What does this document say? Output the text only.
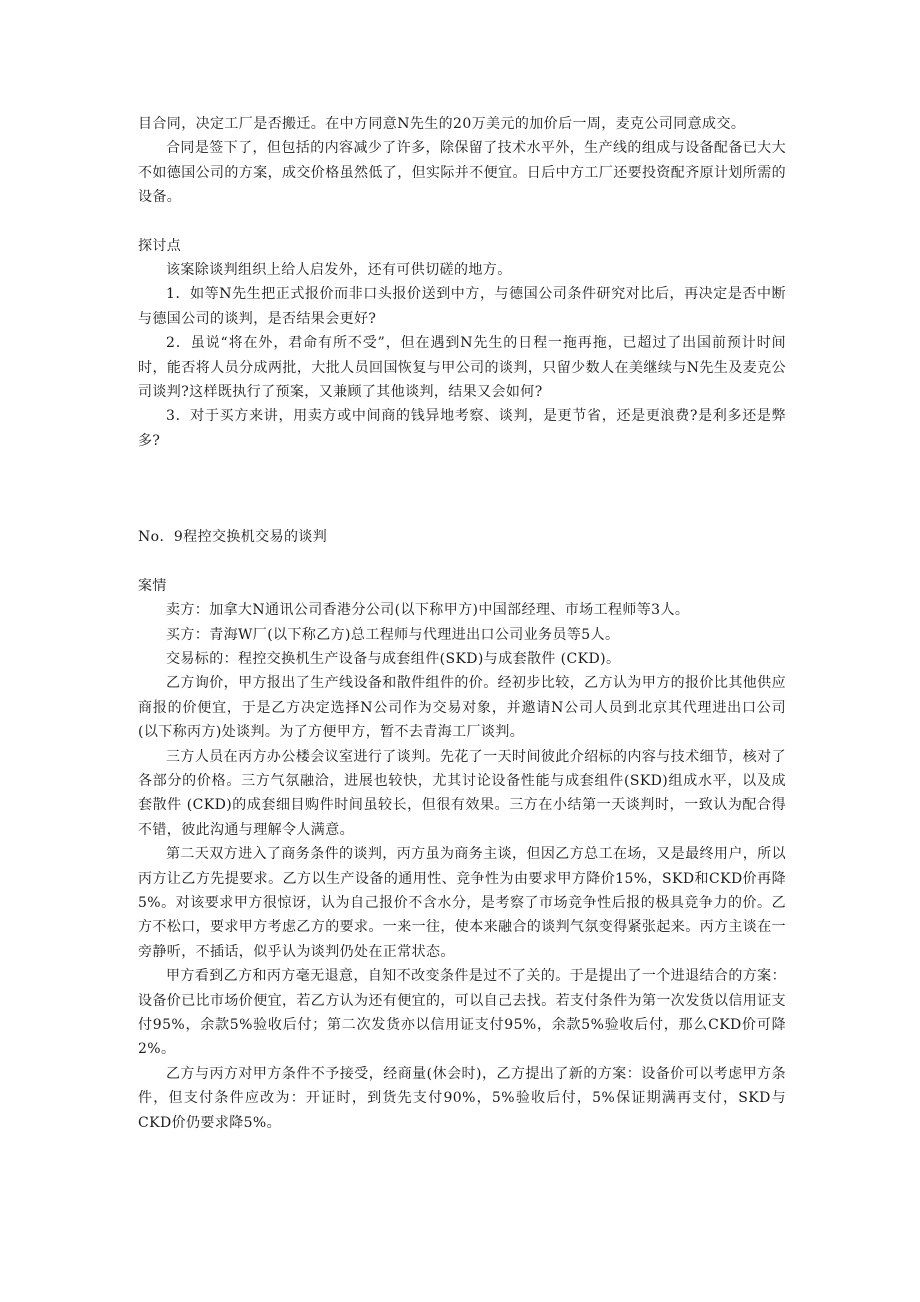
目合同，决定工厂是否搬迁。在中方同意N先生的20万美元的加价后一周，麦克公司同意成交。

合同是签下了，但包括的内容减少了许多，除保留了技术水平外，生产线的组成与设备配备已大大不如德国公司的方案，成交价格虽然低了，但实际并不便宜。日后中方工厂还要投资配齐原计划所需的设备。

探讨点

该案除谈判组织上给人启发外，还有可供切磋的地方。

1．如等N先生把正式报价而非口头报价送到中方，与德国公司条件研究对比后，再决定是否中断与德国公司的谈判，是否结果会更好?

2．虽说“将在外，君命有所不受”，但在遇到N先生的日程一拖再拖，已超过了出国前预计时间时，能否将人员分成两批，大批人员回国恢复与甲公司的谈判，只留少数人在美继续与N先生及麦克公司谈判?这样既执行了预案，又兼顾了其他谈判，结果又会如何?

3．对于买方来讲，用卖方或中间商的钱异地考察、谈判，是更节省，还是更浪费?是利多还是弊多?

No．9程控交换机交易的谈判

案情

卖方：加拿大N通讯公司香港分公司(以下称甲方)中国部经理、市场工程师等3人。

买方：青海W厂(以下称乙方)总工程师与代理进出口公司业务员等5人。

交易标的：程控交换机生产设备与成套组件(SKD)与成套散件 (CKD)。

乙方询价，甲方报出了生产线设备和散件组件的价。经初步比较，乙方认为甲方的报价比其他供应商报的价便宜，于是乙方决定选择N公司作为交易对象，并邀请N公司人员到北京其代理进出口公司(以下称丙方)处谈判。为了方便甲方，暂不去青海工厂谈判。

三方人员在丙方办公楼会议室进行了谈判。先花了一天时间彼此介绍标的内容与技术细节，核对了各部分的价格。三方气氛融洽，进展也较快，尤其讨论设备性能与成套组件(SKD)组成水平，以及成套散件 (CKD)的成套细目购件时间虽较长，但很有效果。三方在小结第一天谈判时，一致认为配合得不错，彼此沟通与理解令人满意。

第二天双方进入了商务条件的谈判，丙方虽为商务主谈，但因乙方总工在场，又是最终用户，所以丙方让乙方先提要求。乙方以生产设备的通用性、竞争性为由要求甲方降价15%，SKD和CKD价再降5%。对该要求甲方很惊讶，认为自己报价不含水分，是考察了市场竞争性后报的极具竞争力的价。乙方不松口，要求甲方考虑乙方的要求。一来一往，使本来融合的谈判气氛变得紧张起来。丙方主谈在一旁静听，不插话，似乎认为谈判仍处在正常状态。

甲方看到乙方和丙方毫无退意，自知不改变条件是过不了关的。于是提出了一个进退结合的方案：设备价已比市场价便宜，若乙方认为还有便宜的，可以自己去找。若支付条件为第一次发货以信用证支付95%，余款5%验收后付；第二次发货亦以信用证支付95%，余款5%验收后付，那么CKD价可降2%。

乙方与丙方对甲方条件不予接受，经商量(休会时)，乙方提出了新的方案：设备价可以考虑甲方条件，但支付条件应改为：开证时，到货先支付90%，5%验收后付，5%保证期满再支付，SKD与CKD价仍要求降5%。
